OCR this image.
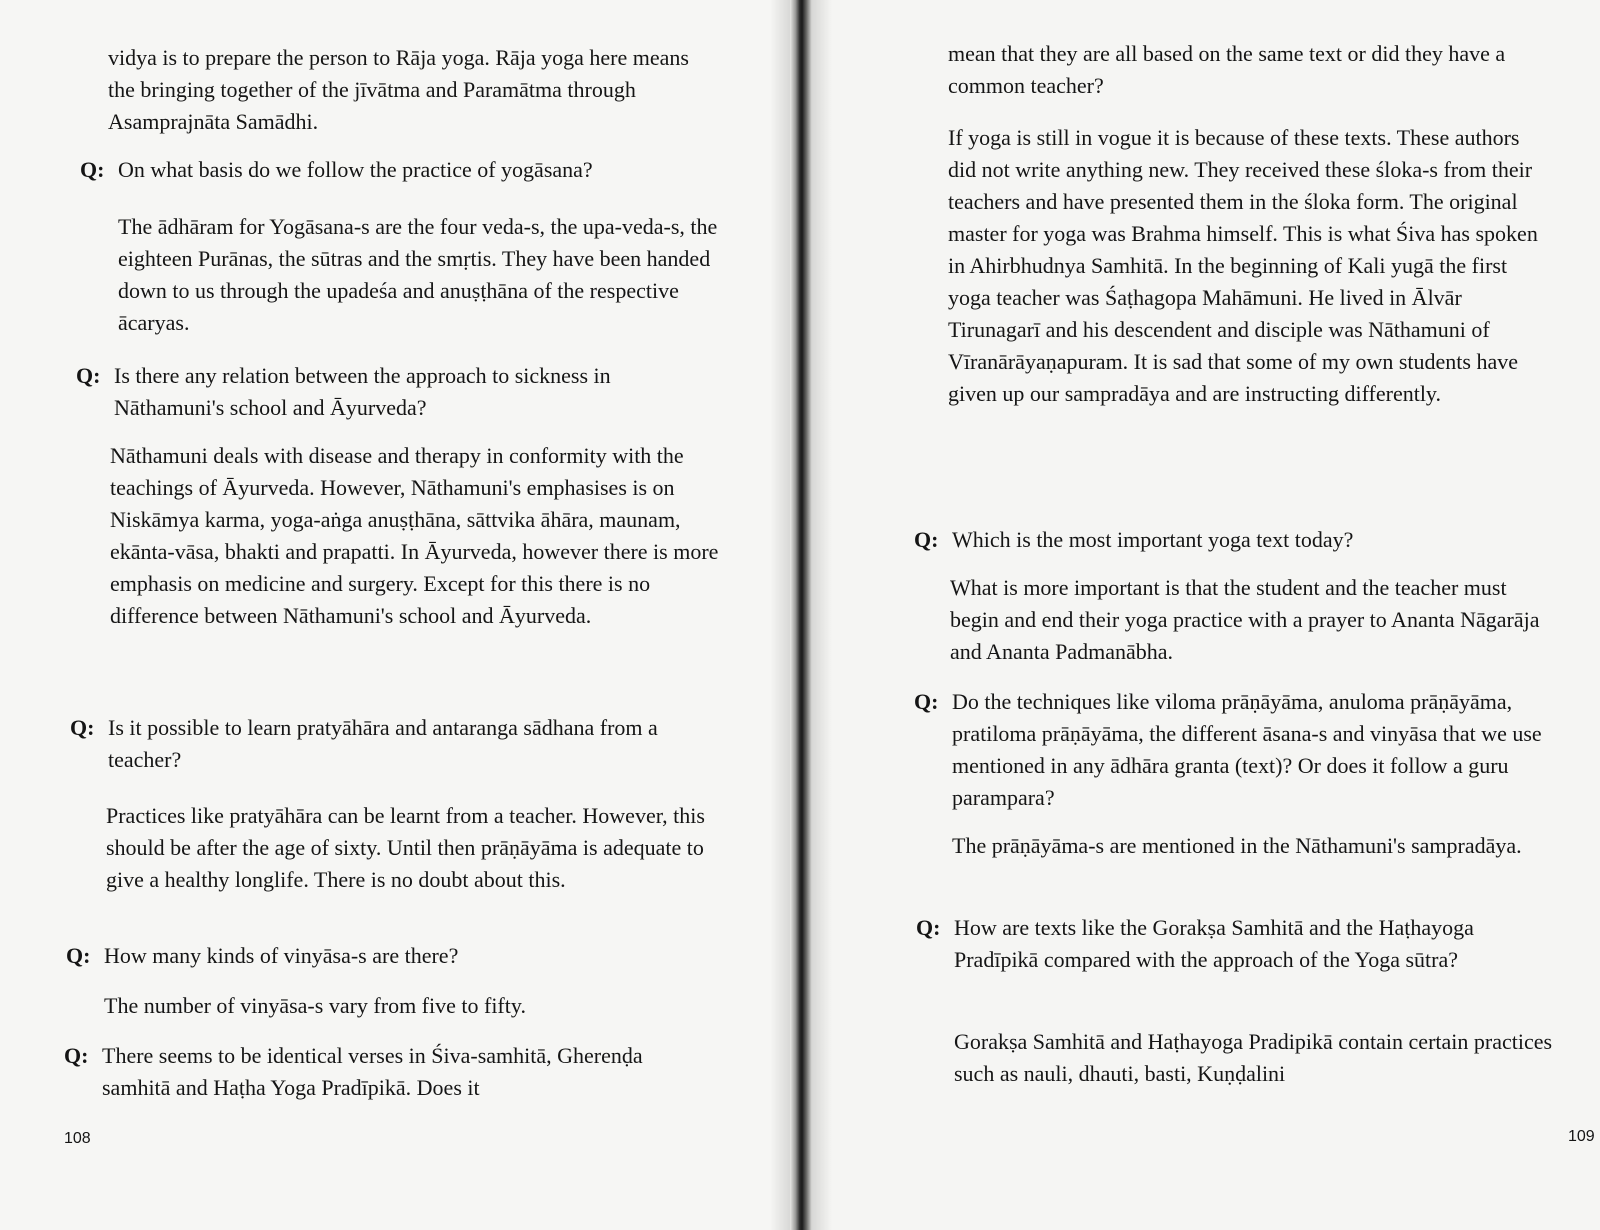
vidya is to prepare the person to Rāja yoga. Rāja yoga here means the bringing together of the jīvātma and Paramātma through Asamprajnāta Samādhi.

Q: On what basis do we follow the practice of yogāsana?

The ādhāram for Yogāsana-s are the four veda-s, the upa-veda-s, the eighteen Purānas, the sūtras and the smṛtis. They have been handed down to us through the upadeśa and anuṣṭhāna of the respective ācaryas.

Q: Is there any relation between the approach to sickness in Nāthamuni's school and Āyurveda?

Nāthamuni deals with disease and therapy in conformity with the teachings of Āyurveda. However, Nāthamuni's emphasises is on Niskāmya karma, yoga-aṅga anuṣṭhāna, sāttvika āhāra, maunam, ekānta-vāsa, bhakti and prapatti. In Āyurveda, however there is more emphasis on medicine and surgery. Except for this there is no difference between Nāthamuni's school and Āyurveda.

Q: Is it possible to learn pratyāhāra and antaranga sādhana from a teacher?

Practices like pratyāhāra can be learnt from a teacher. However, this should be after the age of sixty. Until then prāṇāyāma is adequate to give a healthy longlife. There is no doubt about this.

Q: How many kinds of vinyāsa-s are there?

The number of vinyāsa-s vary from five to fifty.

Q: There seems to be identical verses in Śiva-samhitā, Gherenḍa samhitā and Haṭha Yoga Pradīpikā. Does it

108

mean that they are all based on the same text or did they have a common teacher?

If yoga is still in vogue it is because of these texts. These authors did not write anything new. They received these śloka-s from their teachers and have presented them in the śloka form. The original master for yoga was Brahma himself. This is what Śiva has spoken in Ahirbhudnya Samhitā. In the beginning of Kali yugā the first yoga teacher was Śaṭhagopa Mahāmuni. He lived in Ālvār Tirunagarī and his descendent and disciple was Nāthamuni of Vīranārāyaṇapuram. It is sad that some of my own students have given up our sampradāya and are instructing differently.

Q: Which is the most important yoga text today?

What is more important is that the student and the teacher must begin and end their yoga practice with a prayer to Ananta Nāgarāja and Ananta Padmanābha.

Q: Do the techniques like viloma prāṇāyāma, anuloma prāṇāyāma, pratiloma prāṇāyāma, the different āsana-s and vinyāsa that we use mentioned in any ādhāra granta (text)? Or does it follow a guru parampara?

The prāṇāyāma-s are mentioned in the Nāthamuni's sampradāya.

Q: How are texts like the Gorakṣa Samhitā and the Haṭhayoga Pradīpikā compared with the approach of the Yoga sūtra?

Gorakṣa Samhitā and Haṭhayoga Pradipikā contain certain practices such as nauli, dhauti, basti, Kuṇḍalini

109
